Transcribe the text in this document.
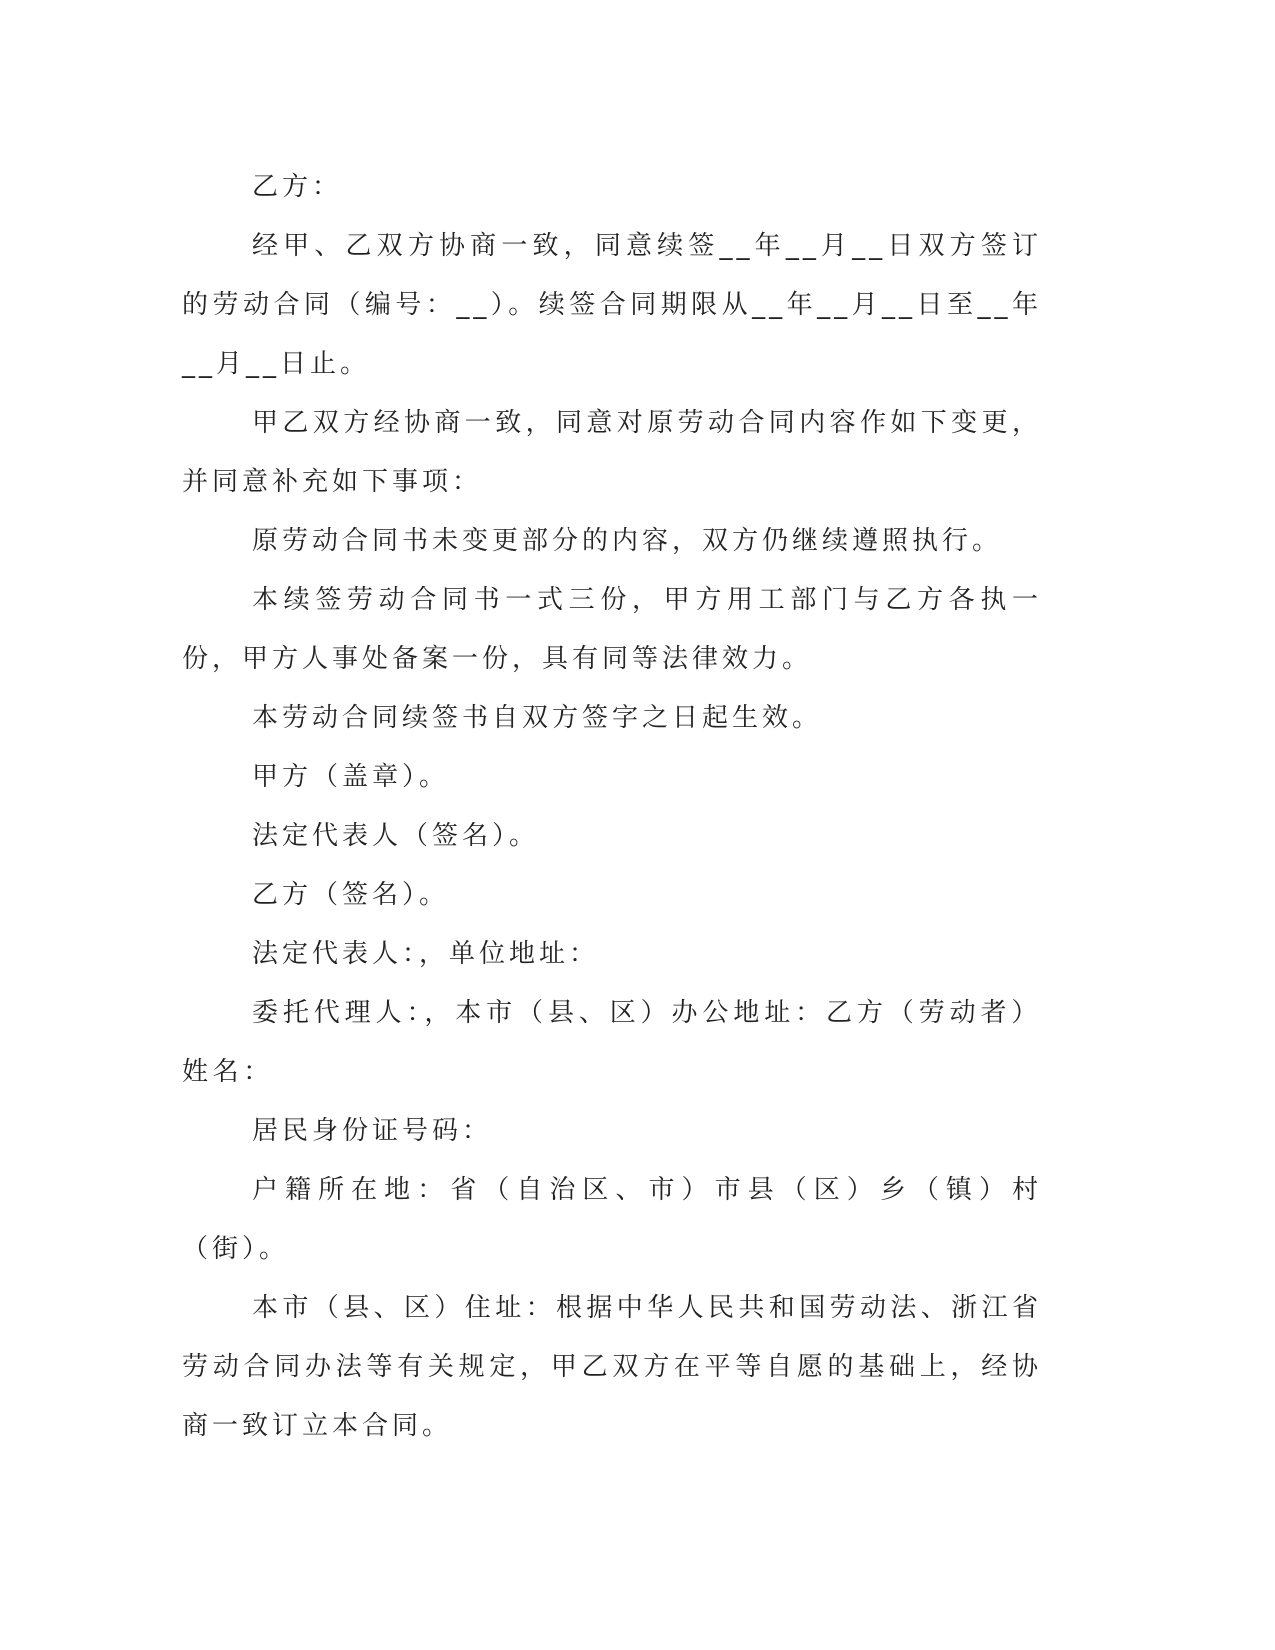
乙方：

经甲、乙双方协商一致，同意续签__年__月__日双方签订的劳动合同（编号：__）。续签合同期限从__年__月__日至__年__月__日止。

甲乙双方经协商一致，同意对原劳动合同内容作如下变更，并同意补充如下事项：

原劳动合同书未变更部分的内容，双方仍继续遵照执行。

本续签劳动合同书一式三份，甲方用工部门与乙方各执一份，甲方人事处备案一份，具有同等法律效力。

本劳动合同续签书自双方签字之日起生效。

甲方（盖章）。

法定代表人（签名）。

乙方（签名）。

法定代表人：，单位地址：

委托代理人：，本市（县、区）办公地址：乙方（劳动者）姓名：

居民身份证号码：

户籍所在地：省（自治区、市）市县（区）乡（镇）村（街）。

本市（县、区）住址：根据中华人民共和国劳动法、浙江省劳动合同办法等有关规定，甲乙双方在平等自愿的基础上，经协商一致订立本合同。
